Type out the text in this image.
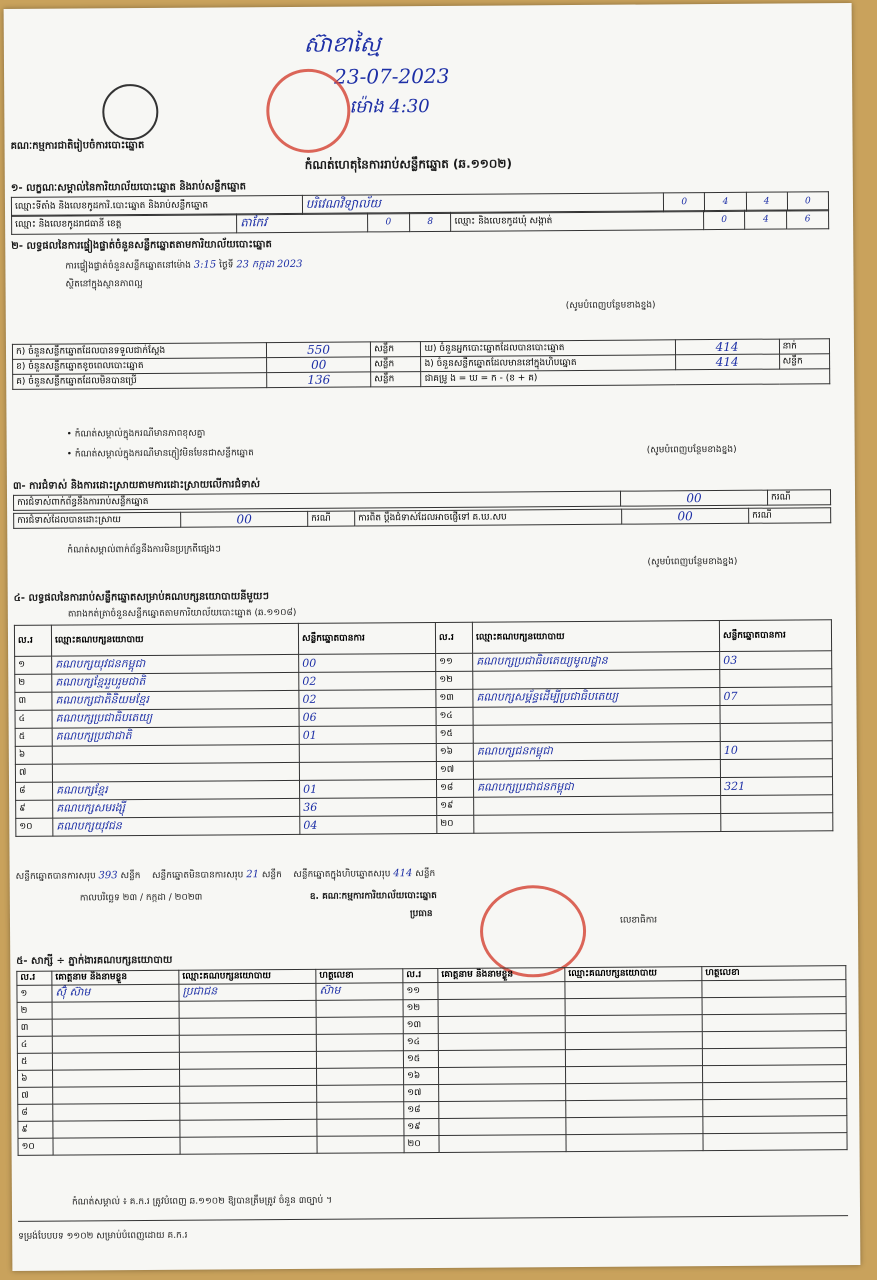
ស៊ាខាស្មៃ
23-07-2023
ម៉ោង 4:30
គណៈកម្មការជាតិរៀបចំការបោះឆ្នោត
កំណត់ហេតុនៃការរាប់សន្លឹកឆ្នោត (ឆ.១១០២)
១- លក្ខណៈសម្គាល់នៃការិយាល័យបោះឆ្នោត និងរាប់សន្លឹកឆ្នោត
ឈ្មោះទីតាំង និងលេខកូដការិ.បោះឆ្នោត និងរាប់សន្លឹកឆ្នោត	បរិវេណវិទ្យាល័យ	0	4	4	0
ឈ្មោះ និងលេខកូដរាជធានី ខេត្ត	តាកែវ	0	8	ឈ្មោះ និងលេខកូដឃុំ សង្កាត់	0	4	6
២- លទ្ធផលនៃការផ្ទៀងផ្ទាត់ចំនួនសន្លឹកឆ្នោតតាមការិយាល័យបោះឆ្នោត
ការផ្ទៀងផ្ទាត់ចំនួនសន្លឹកឆ្នោតនៅម៉ោង 3:15 ថ្ងៃទី 23 កក្កដា 2023
ស្ថិតនៅក្នុងស្ថានភាពល្អ
(សូមបំពេញបន្ថែមខាងខ្នង)
ក) ចំនួនសន្លឹកឆ្នោតដែលបានទទួលជាក់ស្តែង	550	សន្លឹក	ឃ) ចំនួនអ្នកបោះឆ្នោតដែលបានបោះឆ្នោត	414	នាក់
ខ) ចំនួនសន្លឹកឆ្នោតខូចពេលបោះឆ្នោត	00	សន្លឹក	ង) ចំនួនសន្លឹកឆ្នោតដែលមាននៅក្នុងហិបឆ្នោត	414	សន្លឹក
គ) ចំនួនសន្លឹកឆ្នោតដែលមិនបានប្រើ	136	សន្លឹក	ជាគម្រូ ង = ឃ = ក - (ខ + គ)		
• កំណត់សម្គាល់ក្នុងករណីមានភាពខុសគ្នា
• កំណត់សម្គាល់ក្នុងករណីមានភ្ញៀវមិនមែនជាសន្លឹកឆ្នោត	(សូមបំពេញបន្ថែមខាងខ្នង)
៣- ការជំទាស់ និងការដោះស្រាយតាមការដោះស្រាយលើការជំទាស់
ការជំទាស់ពាក់ព័ន្ធនឹងការរាប់សន្លឹកឆ្នោត	00	ករណី
ការជំទាស់ដែលបានដោះស្រាយ	00	ករណី	ការពិត ប្តឹងជំទាស់ដែលអាចផ្ញើទៅ គ.ឃ.សប	00	ករណី
កំណត់សម្គាល់ពាក់ព័ន្ធនឹងការមិនប្រក្រតីផ្សេងៗ
(សូមបំពេញបន្ថែមខាងខ្នង)
៤- លទ្ធផលនៃការរាប់សន្លឹកឆ្នោតសម្រាប់គណបក្សនយោបាយនីមួយៗ
តារាងកត់ត្រាចំនួនសន្លឹកឆ្នោតតាមការិយាល័យបោះឆ្នោត (ឆ.១១០៨)
ល.រ	ឈ្មោះគណបក្សនយោបាយ	សន្លឹកឆ្នោតបានការ	ល.រ	ឈ្មោះគណបក្សនយោបាយ	សន្លឹកឆ្នោតបានការ
១	គណបក្សយុវជនកម្ពុជា	00	១១	គណបក្សប្រជាធិបតេយ្យមូលដ្ឋាន	03
២	គណបក្សខ្មែររួបរួមជាតិ	02	១២		
៣	គណបក្សជាតិនិយមខ្មែរ	02	១៣	គណបក្សសម្ព័ន្ធដើម្បីប្រជាធិបតេយ្យ	07
៤	គណបក្សប្រជាធិបតេយ្យ	06	១៤		
៥	គណបក្សប្រជាជាតិ	01	១៥		
៦			១៦	គណបក្សជនកម្ពុជា	10
៧			១៧		
៨	គណបក្សខ្មែរ	01	១៨	គណបក្សប្រជាជនកម្ពុជា	321
៩	គណបក្សសមរង្ស៊ី	36	១៩		
១០	គណបក្សយុវជន	04	២០		
សន្លឹកឆ្នោតបានការសរុប 393 សន្លឹក សន្លឹកឆ្នោតមិនបានការសរុប 21 សន្លឹក សន្លឹកឆ្នោតក្នុងហិបឆ្នោតសរុប 414 សន្លឹក
កាលបរិច្ឆេទ ២៣ / កក្កដា / ២០២៣	ឧ. គណៈកម្មការការិយាល័យបោះឆ្នោត
ប្រធាន
លេខាធិការ
៥- សាក្សី ÷ ភ្នាក់ងារគណបក្សនយោបាយ
ល.រ	គោត្តនាម និងនាមខ្លួន	ឈ្មោះគណបក្សនយោបាយ	ហត្ថលេខា	ល.រ	គោត្តនាម និងនាមខ្លួន	ឈ្មោះគណបក្សនយោបាយ	ហត្ថលេខា
១	ស៊ុំ ស៊ាម	ប្រជាជន	ស៊ាម	១១			
២				១២			
៣				១៣			
៤				១៤			
៥				១៥			
៦				១៦			
៧				១៧			
៨				១៨			
៩				១៩			
១០				២០			
កំណត់សម្គាល់ ៖ គ.ក.រ ត្រូវបំពេញ ឆ.១១០២ ឱ្យបានត្រឹមត្រូវ ចំនួន ៣ច្បាប់ ។
ទម្រង់បែបបទ ១១០២ សម្រាប់បំពេញដោយ គ.ក.រ
